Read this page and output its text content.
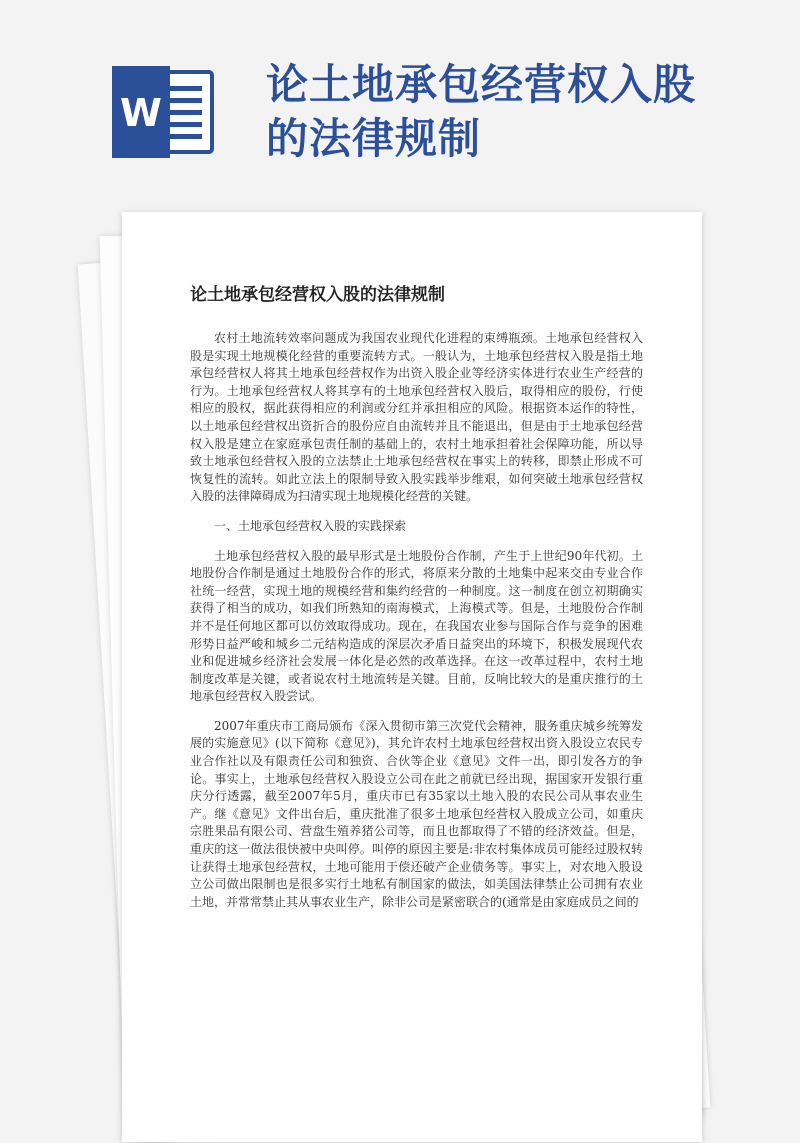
W
论土地承包经营权入股
的法律规制
论土地承包经营权入股的法律规制

农村土地流转效率问题成为我国农业现代化进程的束缚瓶颈。土地承包经营权入股是实现土地规模化经营的重要流转方式。一般认为，土地承包经营权入股是指土地承包经营权人将其土地承包经营权作为出资入股企业等经济实体进行农业生产经营的行为。土地承包经营权人将其享有的土地承包经营权入股后，取得相应的股份，行使相应的股权，据此获得相应的利润或分红并承担相应的风险。根据资本运作的特性，以土地承包经营权出资折合的股份应自由流转并且不能退出，但是由于土地承包经营权入股是建立在家庭承包责任制的基础上的，农村土地承担着社会保障功能，所以导致土地承包经营权入股的立法禁止土地承包经营权在事实上的转移，即禁止形成不可恢复性的流转。如此立法上的限制导致入股实践举步维艰，如何突破土地承包经营权入股的法律障碍成为扫清实现土地规模化经营的关键。

一、土地承包经营权入股的实践探索

土地承包经营权入股的最早形式是土地股份合作制，产生于上世纪90年代初。土地股份合作制是通过土地股份合作的形式，将原来分散的土地集中起来交由专业合作社统一经营，实现土地的规模经营和集约经营的一种制度。这一制度在创立初期确实获得了相当的成功，如我们所熟知的南海模式，上海模式等。但是，土地股份合作制并不是任何地区都可以仿效取得成功。现在，在我国农业参与国际合作与竞争的困难形势日益严峻和城乡二元结构造成的深层次矛盾日益突出的环境下，积极发展现代农业和促进城乡经济社会发展一体化是必然的改革选择。在这一改革过程中，农村土地制度改革是关键，或者说农村土地流转是关键。目前，反响比较大的是重庆推行的土地承包经营权入股尝试。

2007年重庆市工商局颁布《深入贯彻市第三次党代会精神，服务重庆城乡统筹发展的实施意见》(以下简称《意见》)，其允许农村土地承包经营权出资入股设立农民专业合作社以及有限责任公司和独资、合伙等企业《意见》文件一出，即引发各方的争论。事实上，土地承包经营权入股设立公司在此之前就已经出现，据国家开发银行重庆分行透露，截至2007年5月，重庆市已有35家以土地入股的农民公司从事农业生产。继《意见》文件出台后，重庆批准了很多土地承包经营权入股成立公司，如重庆宗胜果品有限公司、营盘生殖养猪公司等，而且也都取得了不错的经济效益。但是，重庆的这一做法很快被中央叫停。叫停的原因主要是:非农村集体成员可能经过股权转让获得土地承包经营权，土地可能用于偿还破产企业债务等。事实上，对农地入股设立公司做出限制也是很多实行土地私有制国家的做法，如美国法律禁止公司拥有农业土地，并常常禁止其从事农业生产，除非公司是紧密联合的(通常是由家庭成员之间的
